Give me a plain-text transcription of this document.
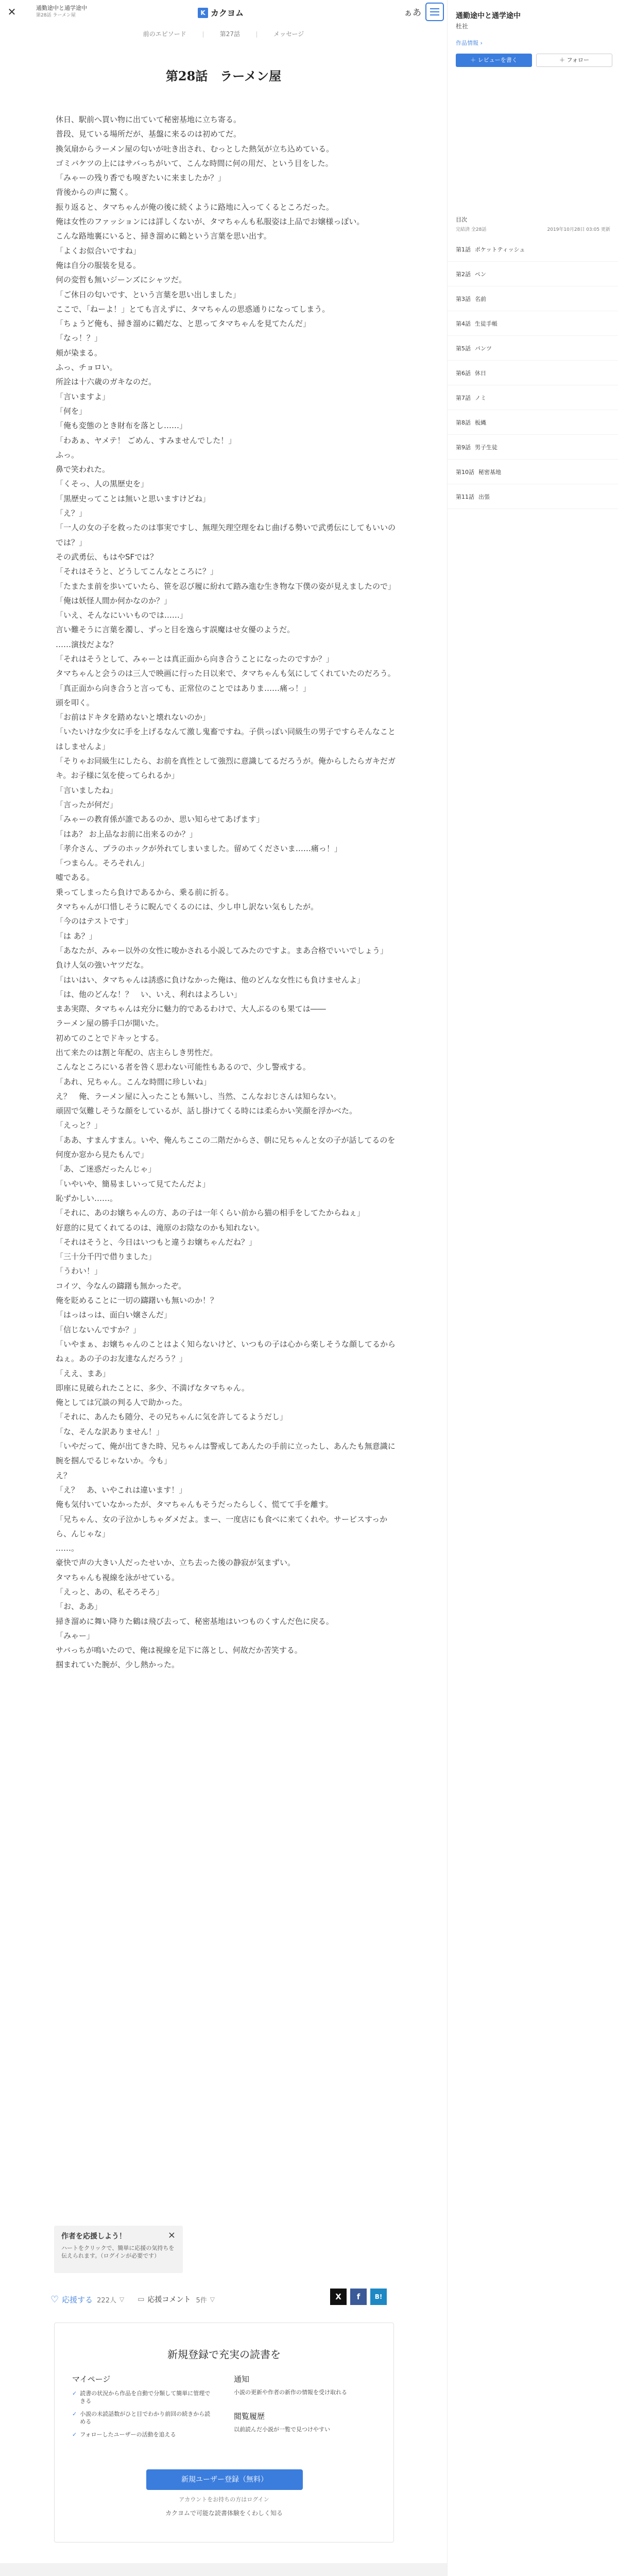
✕	通勤途中と通学途中
第28話 ラーメン屋	K カクヨム	ぁあ
前のエピソード	第27話	メッセージ
第28話　ラーメン屋

休日、駅前へ買い物に出ていて秘密基地に立ち寄る。

普段、見ている場所だが、基盤に来るのは初めてだ。

換気扇からラーメン屋の匂いが吐き出され、むっとした熱気が立ち込めている。

ゴミバケツの上にはサバっちがいて、こんな時間に何の用だ、という目をした。

「みゃーの残り香でも嗅ぎたいに来ましたか？」

背後からの声に驚く。

振り返ると、タマちゃんが俺の後に続くように路地に入ってくるところだった。

俺は女性のファッションには詳しくないが、タマちゃんも私服姿は上品でお嬢様っぽい。

こんな路地裏にいると、掃き溜めに鶴という言葉を思い出す。

「よくお似合いですね」

俺は自分の服装を見る。

何の変哲も無いジーンズにシャツだ。

「ご休日の匂いです、という言葉を思い出しました」

ここで、「ねーよ！」とても言えずに、タマちゃんの思惑通りになってしまう。

「ちょうど俺も、掃き溜めに鶴だな、と思ってタマちゃんを見てたんだ」

「なっ！？」

頬が染まる。

ふっ、チョロい。

所詮は十六歳のガキなのだ。

「言いますよ」

「何を」

「俺も変態のとき財布を落とし……」

「わあぁ、ヤメテ！ ごめん、すみませんでした！」

ふっ。

鼻で笑われた。

「くそっ、人の黒歴史を」

「黒歴史ってことは無いと思いますけどね」

「え？」

「一人の女の子を救ったのは事実ですし、無理矢理空理をねじ曲げる勢いで武勇伝にしてもいいのでは？」

その武勇伝、もはやSFでは？

「それはそうと、どうしてこんなところに？」

「たまたま前を歩いていたら、笹を忍び履に紛れて踏み進む生き物な下僕の姿が見えましたので」

「俺は妖怪人間か何かなのか？」

「いえ、そんなにいいものでは……」

言い難そうに言葉を濁し、ずっと目を逸らす誤魔はせ女優のようだ。

……演技だよな？

「それはそうとして、みゃーとは真正面から向き合うことになったのですか？」

タマちゃんと会うのは三人で映画に行った日以来で、タマちゃんも気にしてくれていたのだろう。

「真正面から向き合うと言っても、正常位のことではありま……痛っ！」

頭を叩く。

「お前はドキタを踏めないと壊れないのか」

「いたいけな少女に手を上げるなんて激し鬼畜ですね。子供っぽい同級生の男子ですらそんなことはしませんよ」

「そりゃお同級生にしたら、お前を真性として強烈に意識してるだろうが。俺からしたらガキだガキ。お子様に気を使ってられるか」

「言いましたね」

「言ったが何だ」

「みゃーの教育係が誰であるのか、思い知らせてあげます」

「はあ？ お上品なお前に出来るのか？」

「孝介さん、プラのホックが外れてしまいました。留めてくださいま……痛っ！」

「つまらん。そろそれん」

嘘である。

乗ってしまったら負けであるから、乗る前に折る。

タマちゃんが口惜しそうに睨んでくるのには、少し申し訳ない気もしたが。

「今のはテストです」

「は あ？」

「あなたが、みゃー以外の女性に唆かされる小説してみたのですよ。まあ合格でいいでしょう」

負け人気の強いヤツだな。

「はいはい、タマちゃんは誘惑に負けなかった俺は、他のどんな女性にも負けませんよ」

「は、他のどんな！？　い、いえ、利れはよろしい」

まあ実際、タマちゃんは充分に魅力的であるわけで、大人ぶるのも果ては――

ラーメン屋の勝手口が開いた。

初めてのことでドキッとする。

出て来たのは割と年配の、店主らしき男性だ。

こんなところにいる者を咎く思わない可能性もあるので、少し警戒する。

「あれ、兄ちゃん。こんな時間に珍しいね」

え？　俺、ラーメン屋に入ったことも無いし、当然、こんなおじさんは知らない。

頑固で気難しそうな顔をしているが、話し掛けてくる時には柔らかい笑顔を浮かべた。

「えっと？」

「ああ、すまんすまん。いや、俺んちここの二階だからさ、朝に兄ちゃんと女の子が話してるのを何度か窓から見たもんで」

「あ、ご迷惑だったんじゃ」

「いやいや、簡易ましいって見てたんだよ」

恥ずかしい……。

「それに、あのお嬢ちゃんの方、あの子は一年くらい前から猫の相手をしてたからねぇ」

好意的に見てくれてるのは、滝原のお陰なのかも知れない。

「それはそうと、今日はいつもと違うお嬢ちゃんだね？」

「三十分千円で借りました」

「うわい！」

コイツ、今なんの躊躇も無かったぞ。

俺を貶めることに一切の躊躇いも無いのか！？

「はっはっは、面白い嬢さんだ」

「信じないんですか？」

「いやまぁ、お嬢ちゃんのことはよく知らないけど、いつもの子は心から楽しそうな顔してるからねぇ。あの子のお友達なんだろう？」

「ええ、まあ」

即座に見破られたことに、多少、不満げなタマちゃん。

俺としては冗談の判る人で助かった。

「それに、あんたも随分、その兄ちゃんに気を許してるようだし」

「な、そんな訳ありません！」

「いやだって、俺が出てきた時、兄ちゃんは警戒してあんたの手前に立ったし、あんたも無意識に腕を掴んでるじゃないか。今も」

え？

「え？　あ、いやこれは違います！」

俺も気付いていなかったが、タマちゃんもそうだったらしく、慌てて手を離す。

「兄ちゃん、女の子泣かしちゃダメだよ。まー、一度店にも食べに来てくれや。サービスすっから、んじゃな」

……。

豪快で声の大きい人だったせいか、立ち去った後の静寂が気まずい。

タマちゃんも視線を泳がせている。

「えっと、あの、私そろそろ」

「お、ああ」

掃き溜めに舞い降りた鶴は飛び去って、秘密基地はいつものくすんだ色に戻る。

「みゃー」

サバっちが鳴いたので、俺は視線を足下に落とし、何故だか苦笑する。

掴まれていた腕が、少し熱かった。

作者を応援しよう！
ハートをクリックで、簡単に応援の気持ちを伝えられます。（ログインが必要です）
×
♡ 応援する 222人 ▽ ▭ 応援コメント 5件 ▽	X	f	B!
新規登録で充実の読書を
マイページ
✓ 読書の状況から作品を自動で分類して簡単に管理できる
✓ 小説の未読話数がひと目でわかり前回の続きから読める
✓ フォローしたユーザーの活動を追える
通知
小説の更新や作者の新作の情報を受け取れる
閲覧履歴
以前読んだ小説が一覧で見つけやすい
新規ユーザー登録（無料）
アカウントをお持ちの方はログイン
カクヨムで可能な読書体験をくわしく知る
通勤途中と通学途中
杜社
作品情報 ›
＋ レビューを書く	＋ フォロー
目次
完結済 全28話	2019年10月28日 03:05 更新
第1話 ポケットティッシュ
第2話 ペン
第3話 名前
第4話 生徒手帳
第5話 パンツ
第6話 休日
第7話 ノミ
第8話 板縄
第9話 男子生徒
第10話 秘密基地
第11話 出張
